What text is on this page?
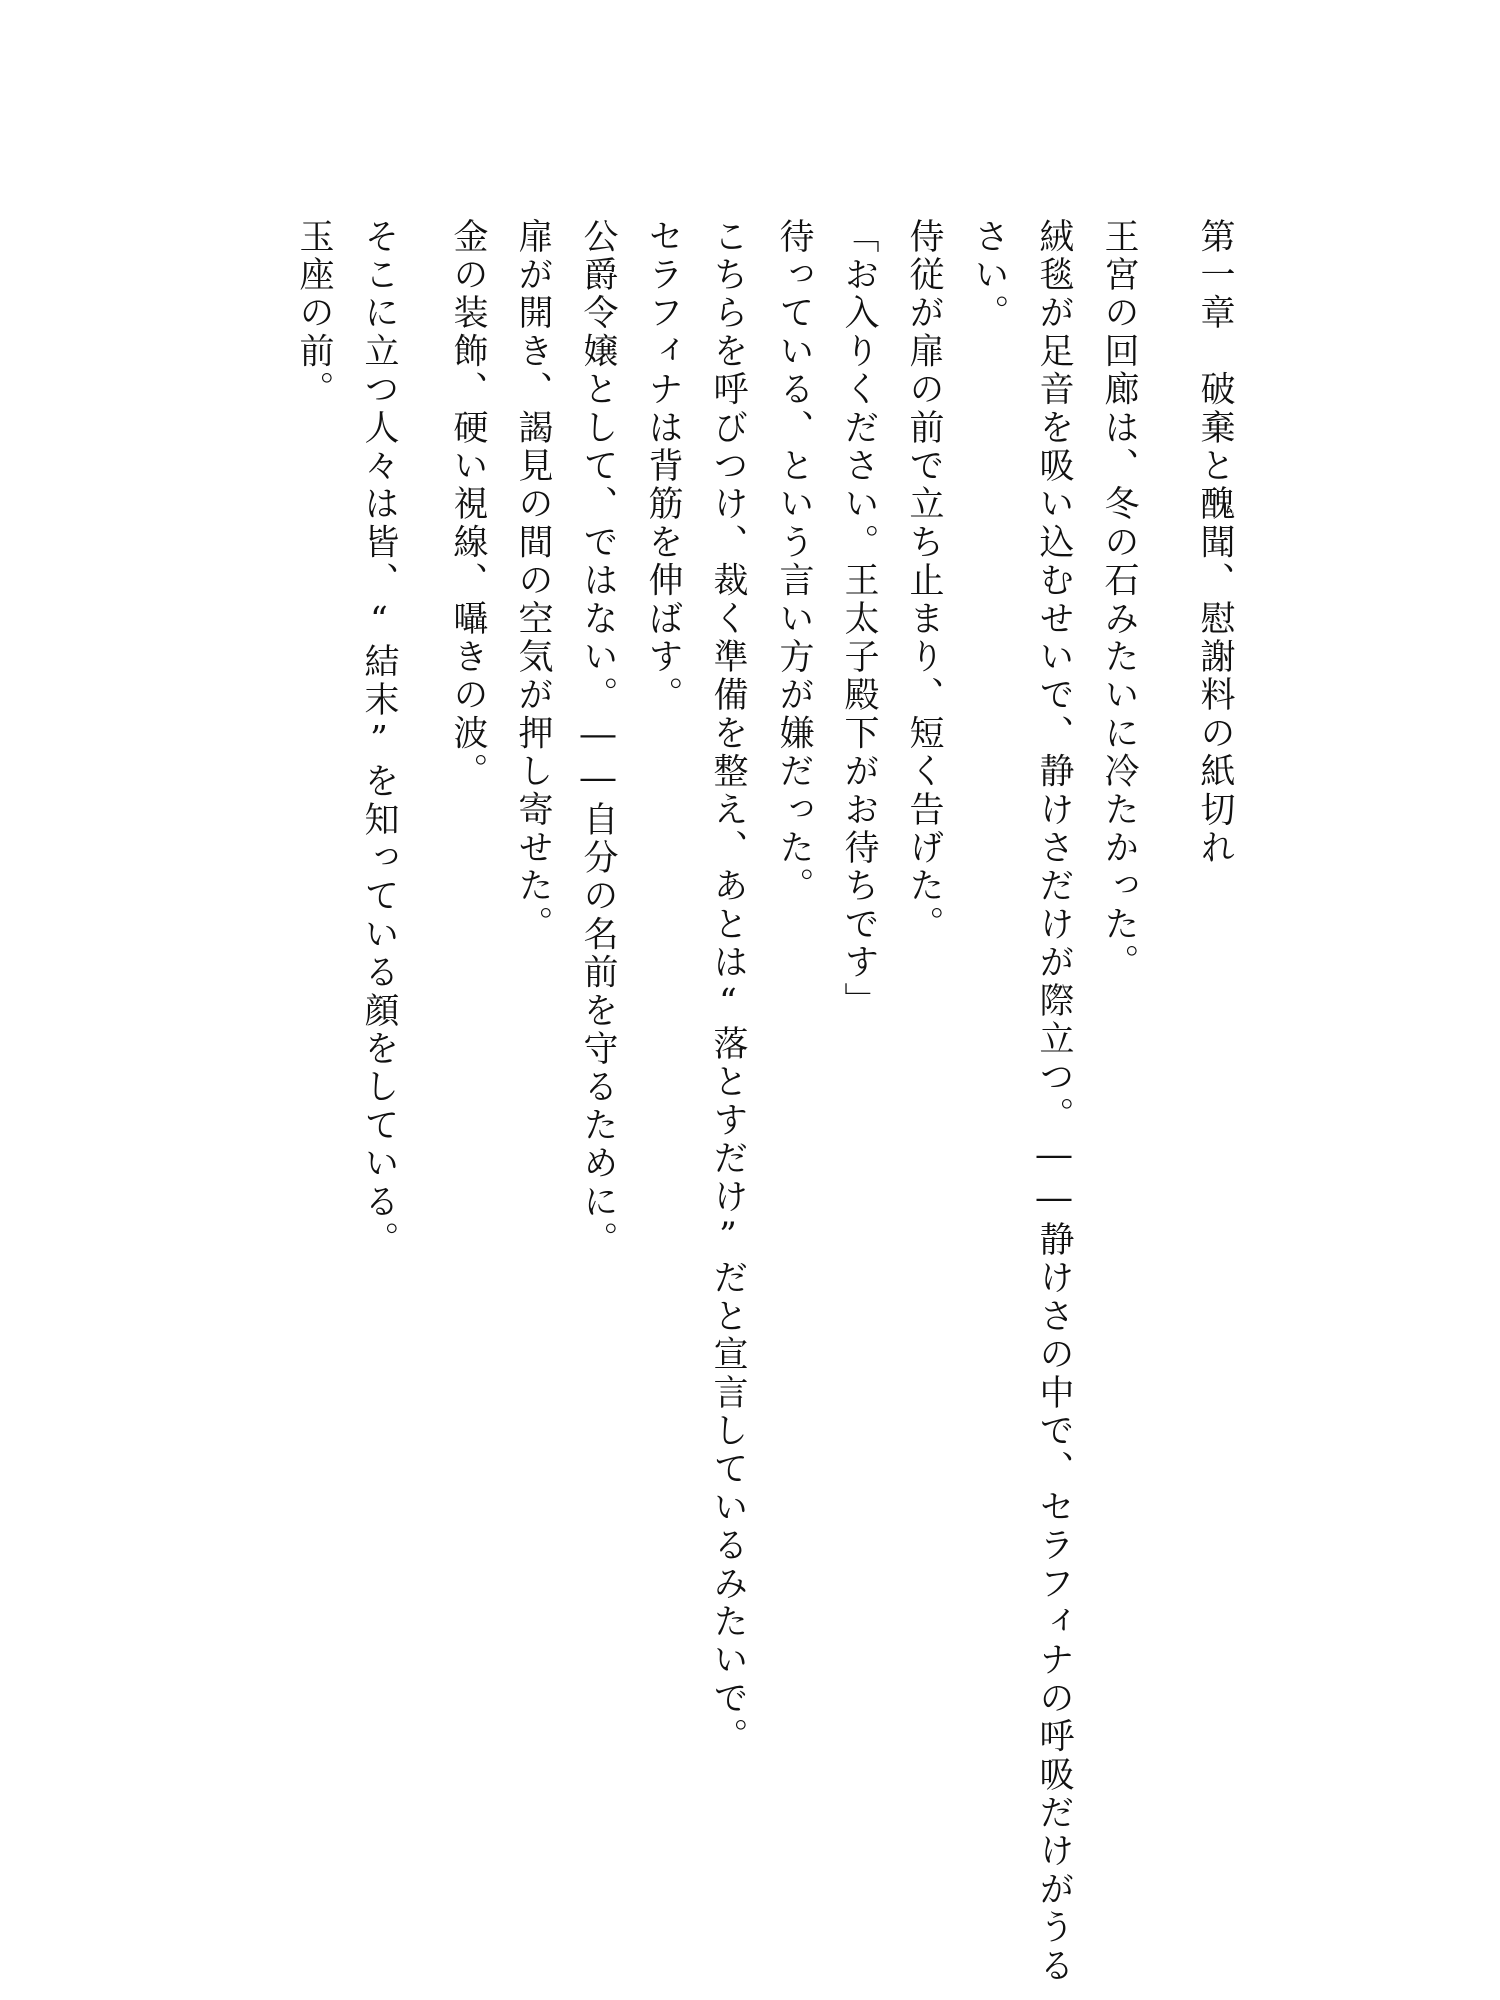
第一章　破棄と醜聞、慰謝料の紙切れ
王宮の回廊は、冬の石みたいに冷たかった。
絨毯が足音を吸い込むせいで、静けさだけが際立つ。――静けさの中で、セラフィナの呼吸だけがうる
さい。
侍従が扉の前で立ち止まり、短く告げた。
「お入りください。王太子殿下がお待ちです」
待っている、という言い方が嫌だった。
こちらを呼びつけ、裁く準備を整え、あとは“落とすだけ”だと宣言しているみたいで。
セラフィナは背筋を伸ばす。
公爵令嬢として、ではない。――自分の名前を守るために。
扉が開き、謁見の間の空気が押し寄せた。
金の装飾、硬い視線、囁きの波。
そこに立つ人々は皆、“結末”を知っている顔をしている。
玉座の前。
